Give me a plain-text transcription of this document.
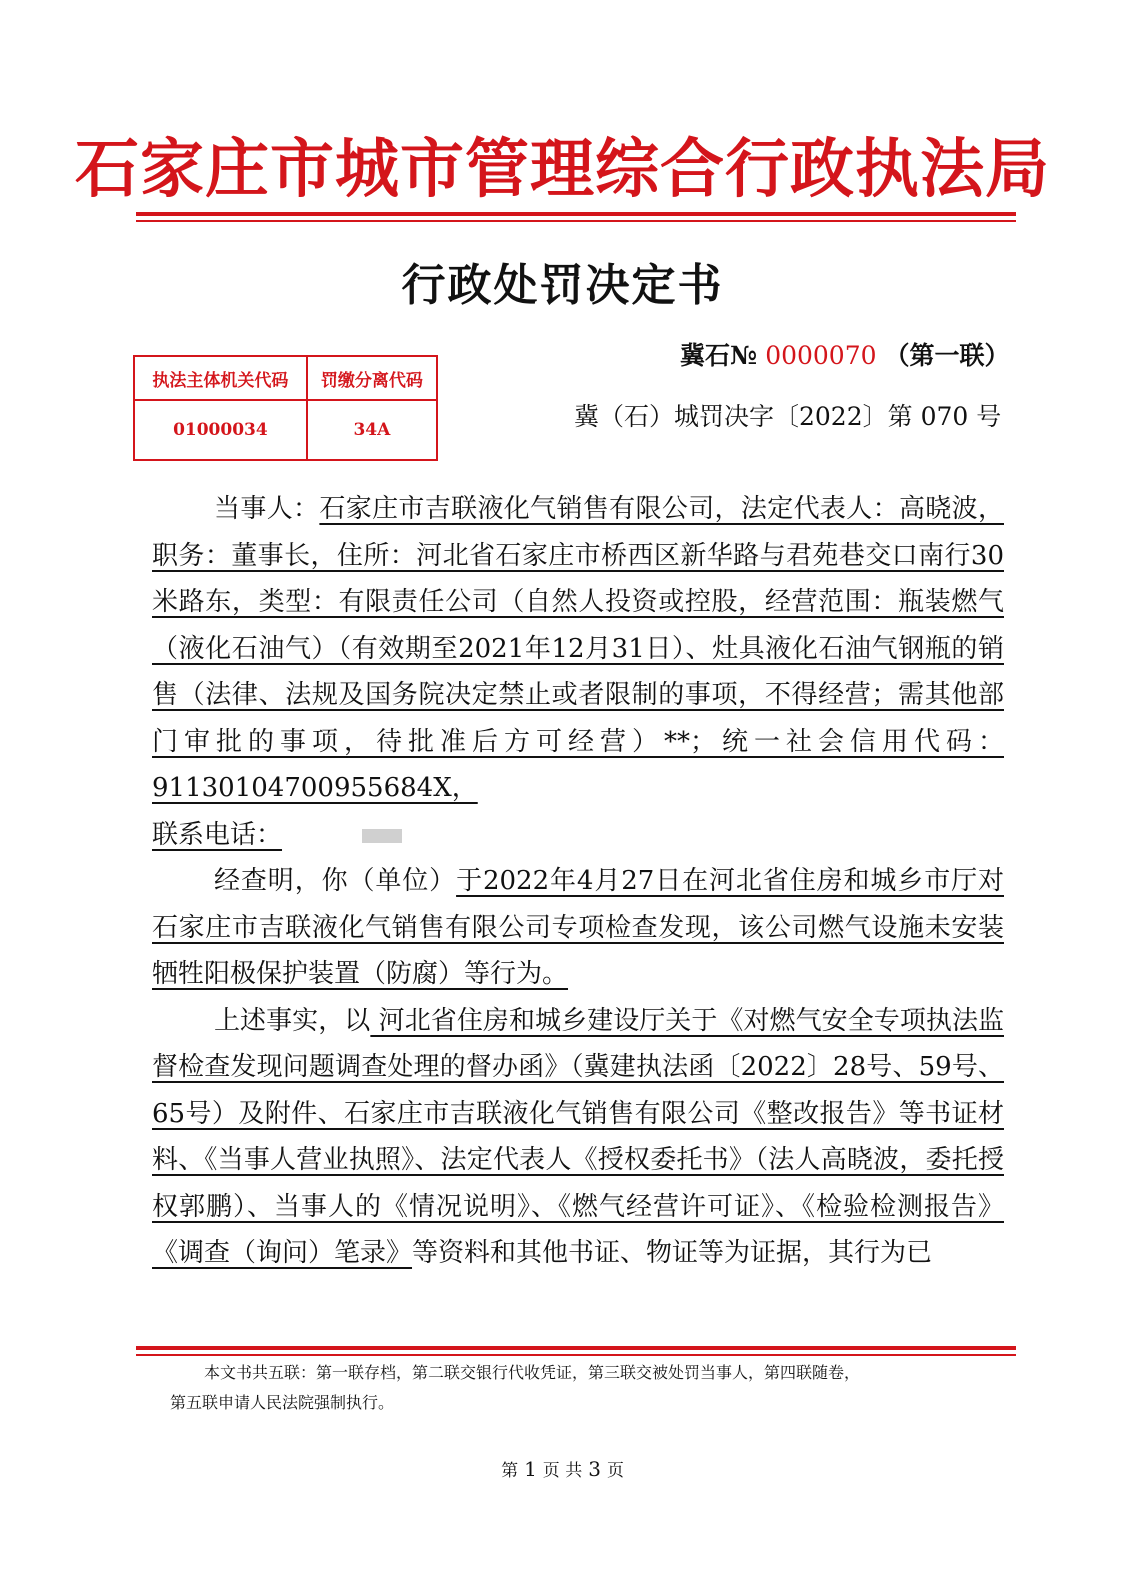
石家庄市城市管理综合行政执法局
行政处罚决定书
冀石№ 0000070 （第一联）
冀（石）城罚决字〔2022〕第 070 号
执法主体机关代码	罚缴分离代码
01000034	34A

当事人：石家庄市吉联液化气销售有限公司，法定代表人：高晓波，职务：董事长，住所：河北省石家庄市桥西区新华路与君苑巷交口南行30米路东，类型：有限责任公司（自然人投资或控股，经营范围：瓶装燃气（液化石油气）（有效期至2021年12月31日）、灶具液化石油气钢瓶的销售（法律、法规及国务院决定禁止或者限制的事项，不得经营；需其他部门审批的事项，待批准后方可经营）**；统一社会信用代码：91130104700955684X，
联系电话：

经查明，你（单位）于2022年4月27日在河北省住房和城乡市厅对石家庄市吉联液化气销售有限公司专项检查发现，该公司燃气设施未安装牺牲阳极保护装置（防腐）等行为。

上述事实，以 河北省住房和城乡建设厅关于《对燃气安全专项执法监督检查发现问题调查处理的督办函》（冀建执法函〔2022〕28号、59号、65号）及附件、石家庄市吉联液化气销售有限公司《整改报告》等书证材料、《当事人营业执照》、法定代表人《授权委托书》（法人高晓波，委托授权郭鹏）、当事人的《情况说明》、《燃气经营许可证》、《检验检测报告》《调查（询问）笔录》等资料和其他书证、物证等为证据，其行为已

本文书共五联：第一联存档，第二联交银行代收凭证，第三联交被处罚当事人，第四联随卷，
第五联申请人民法院强制执行。
第 1 页 共 3 页
